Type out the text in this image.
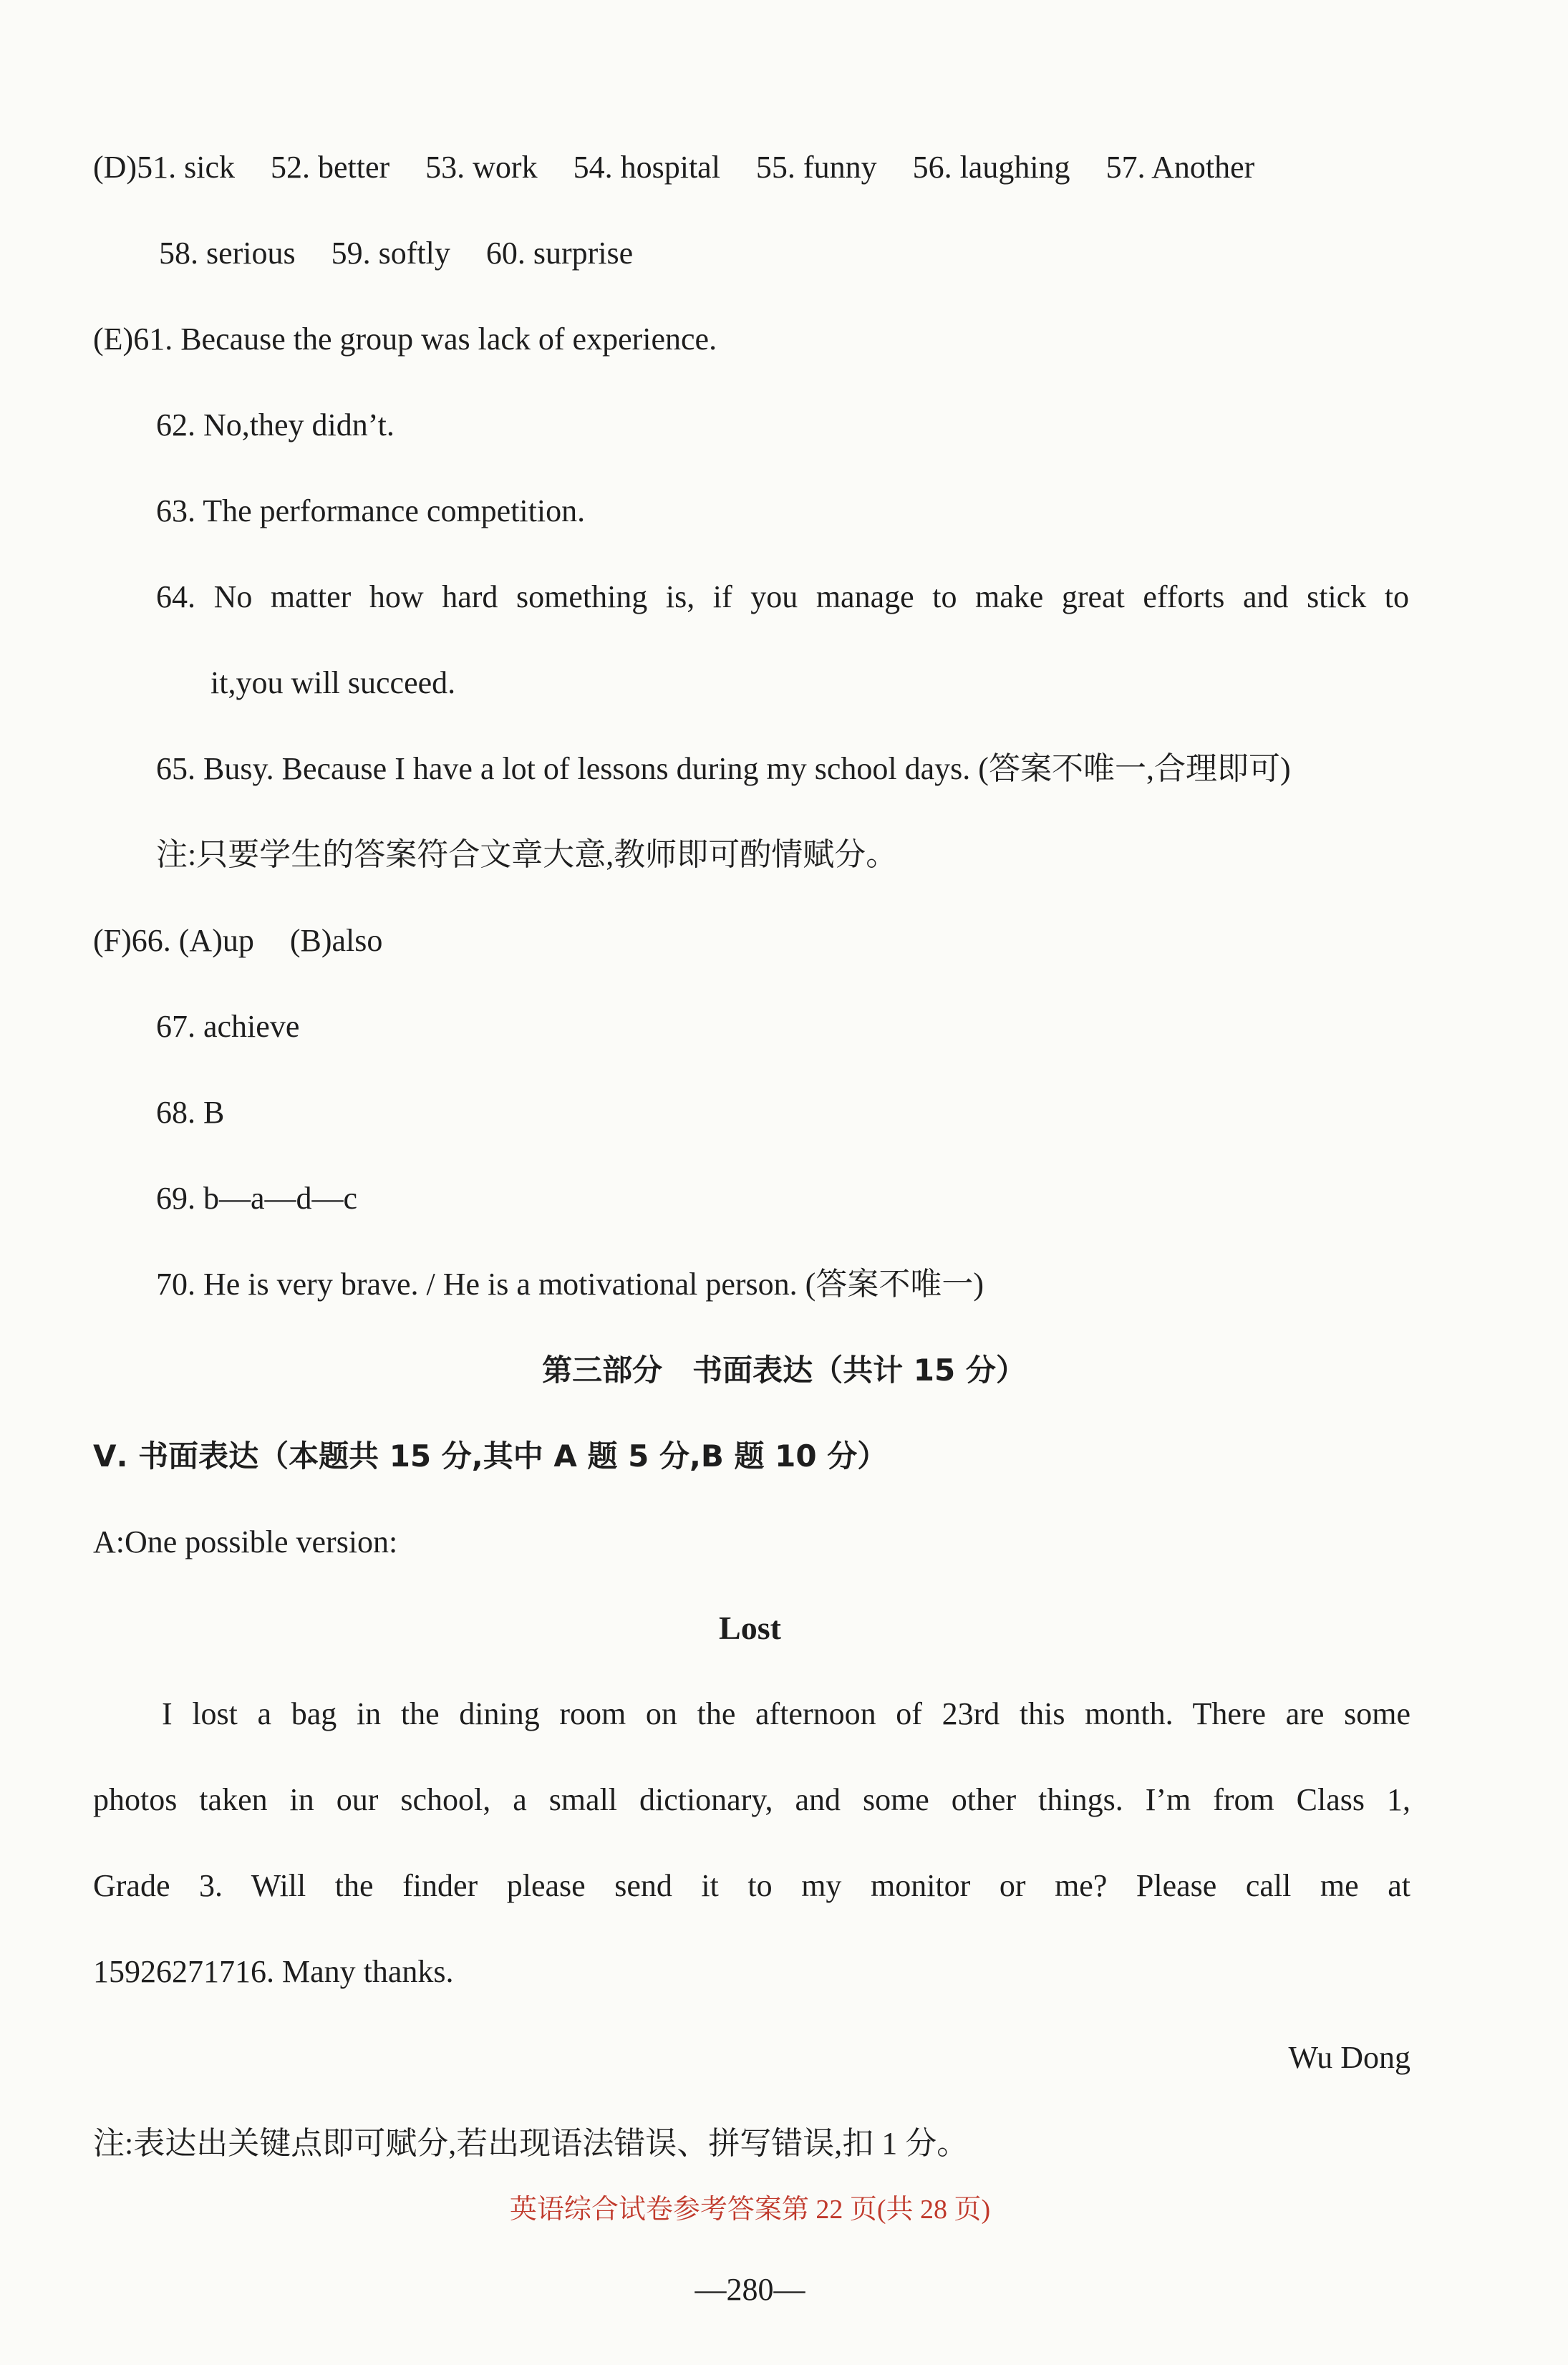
(D)51. sick 52. better 53. work 54. hospital 55. funny 56. laughing 57. Another
58. serious 59. softly 60. surprise
(E)61. Because the group was lack of experience.
62. No,they didn’t.
63. The performance competition.
64. No matter how hard something is, if you manage to make great efforts and stick to
it,you will succeed.
65. Busy. Because I have a lot of lessons during my school days. (答案不唯一,合理即可)
注:只要学生的答案符合文章大意,教师即可酌情赋分。
(F)66. (A)up (B)also
67. achieve
68. B
69. b—a—d—c
70. He is very brave. / He is a motivational person. (答案不唯一)
第三部分　书面表达（共计 15 分）
Ⅴ. 书面表达（本题共 15 分,其中 A 题 5 分,B 题 10 分）
A:One possible version:
Lost
I lost a bag in the dining room on the afternoon of 23rd this month. There are some
photos taken in our school, a small dictionary, and some other things. I’m from Class 1,
Grade 3. Will the finder please send it to my monitor or me? Please call me at
15926271716. Many thanks.
Wu Dong
注:表达出关键点即可赋分,若出现语法错误、拼写错误,扣 1 分。
英语综合试卷参考答案第 22 页(共 28 页)
—280—
